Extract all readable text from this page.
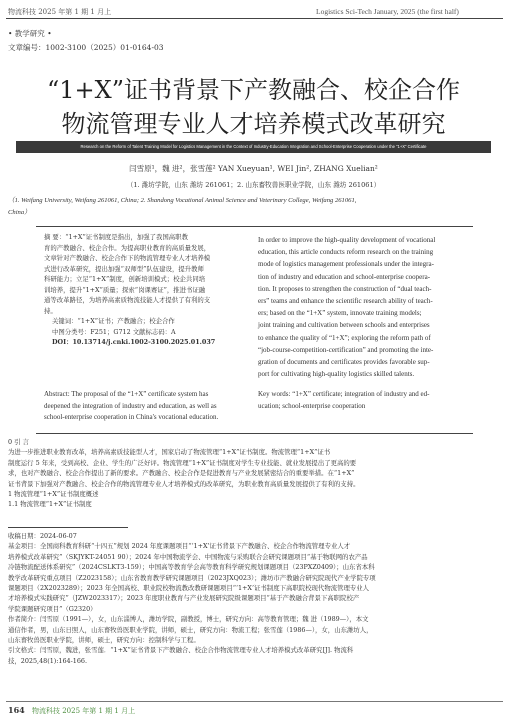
物流科技 2025 年第 1 期 1 月上	Logistics Sci-Tech January, 2025 (the first half)
• 教学研究 •
文章编号：1002-3100（2025）01-0164-03
“1+X”证书背景下产教融合、校企合作
物流管理专业人才培养模式改革研究
Research on the Reform of Talent Training Model for Logistics Management in the Context of Industry-Education Integration and School-Enterprise Cooperation under the “1+X” Certificate
闫雪原¹，魏 进²，张雪莲² YAN Xueyuan¹, WEI Jin², ZHANG Xuelian²
（1. 潍坊学院，山东 潍坊 261061；2. 山东畜牧兽医职业学院，山东 潍坊 261061）
（1. Weifang University, Weifang 261061, China; 2. Shandong Vocational Animal Science and Veterinary College, Weifang 261061,
China）
摘 要：“1+X”证书制度是指出，加强了我国高职教
育的产教融合、校企合作。为提高职业教育的高质量发展，
文章针对产教融合、校企合作下的物流管理专业人才培养模
式进行改革研究，提出加强“双师型”队伍建设，提升教师
科研能力；立足“1+X”制度，创新培训模式；校企共同培
训培养，提升“1+X”质量；探索“岗课赛证”，推进书证融
通等改革路径，为培养高素质物流技能人才提供了有利的支
持。
关键词：“1+X”证书；产教融合；校企合作
中图分类号：F251；G712 文献标志码：A
DOI：10.13714/j.cnki.1002-3100.2025.01.037
Abstract: The proposal of the “1+X” certificate system has
deepened the integration of industry and education, as well as
school-enterprise cooperation in China's vocational education.
In order to improve the high-quality development of vocational
education, this article conducts reform research on the training
mode of logistics management professionals under the integra-
tion of industry and education and school-enterprise coopera-
tion. It proposes to strengthen the construction of “dual teach-
ers” teams and enhance the scientific research ability of teach-
ers; based on the “1+X” system, innovate training models;
joint training and cultivation between schools and enterprises
to enhance the quality of “1+X”; exploring the reform path of
“job-course-competition-certification” and promoting the inte-
gration of documents and certificates provides favorable sup-
port for cultivating high-quality logistics skilled talents.
Key words: “1+X” certificate; integration of industry and ed-
ucation; school-enterprise cooperation
0 引 言
为进一步推进职业教育改革，培养高素质技能型人才，国家启动了物流管理“1+X”证书制度。物流管理“1+X”证书
制度运行 5 年来，受到高校、企业、学生的广泛好评。物流管理“1+X”证书制度对学生专业技能、就业发展提出了更高的要
求，也对产教融合、校企合作提出了新的要求。产教融合、校企合作是促进教育与产业发展紧密结合的重要举措。在“1+X”
证书背景下加强对产教融合、校企合作的物流管理专业人才培养模式的改革研究，为职业教育高质量发展提供了有利的支持。
1 物流管理“1+X”证书制度概述
1.1 物流管理“1+X”证书制度
收稿日期：2024-06-07
基金项目：全国商科教育科研“十四五”规划 2024 年度课题项目“‘1+X’证书背景下产教融合、校企合作物流管理专业人才
培养模式改革研究”（SKJYKT-24051 90）；2024 年中国物流学会、中国物流与采购联合会研究课题项目“基于物联网的农产品
冷链物流配送体系研究”（2024CSLKT3-159）；中国高等教育学会高等教育科学研究规划课题项目（23PXZ0409）；山东省本科
教学改革研究重点项目（Z2023158）；山东省教育教学研究课题项目（2023JXQ023）；潍坊市产教融合研究院现代产业学院专项
课题项目（2X2023289）；2023 年全国高校、职业院校物流教改教研课题项目“‘1+X’证书制度下高职院校现代物流管理专业人
才培养模式实践研究”（JZW2023317）；2023 年度职业教育与产业发展研究院级课题项目“基于产教融合背景下高职院校产
学院课题研究项目”（G2320）
作者简介：闫雪原（1991—），女，山东淄博人，潍坊学院，副教授，博士，研究方向：高等教育管理；魏 进（1989—），本文
通信作者，男，山东日照人，山东畜牧兽医职业学院，讲师，硕士，研究方向：物流工程；张雪莲（1986—），女，山东潍坊人，
山东畜牧兽医职业学院，讲师，硕士，研究方向：控制科学与工程。
引文格式：闫雪原，魏进，张雪莲．“1+X”证书背景下产教融合、校企合作物流管理专业人才培养模式改革研究[J]. 物流科
技，2025,48(1):164-166.
164 物流科技 2025 年第 1 期 1 月上
